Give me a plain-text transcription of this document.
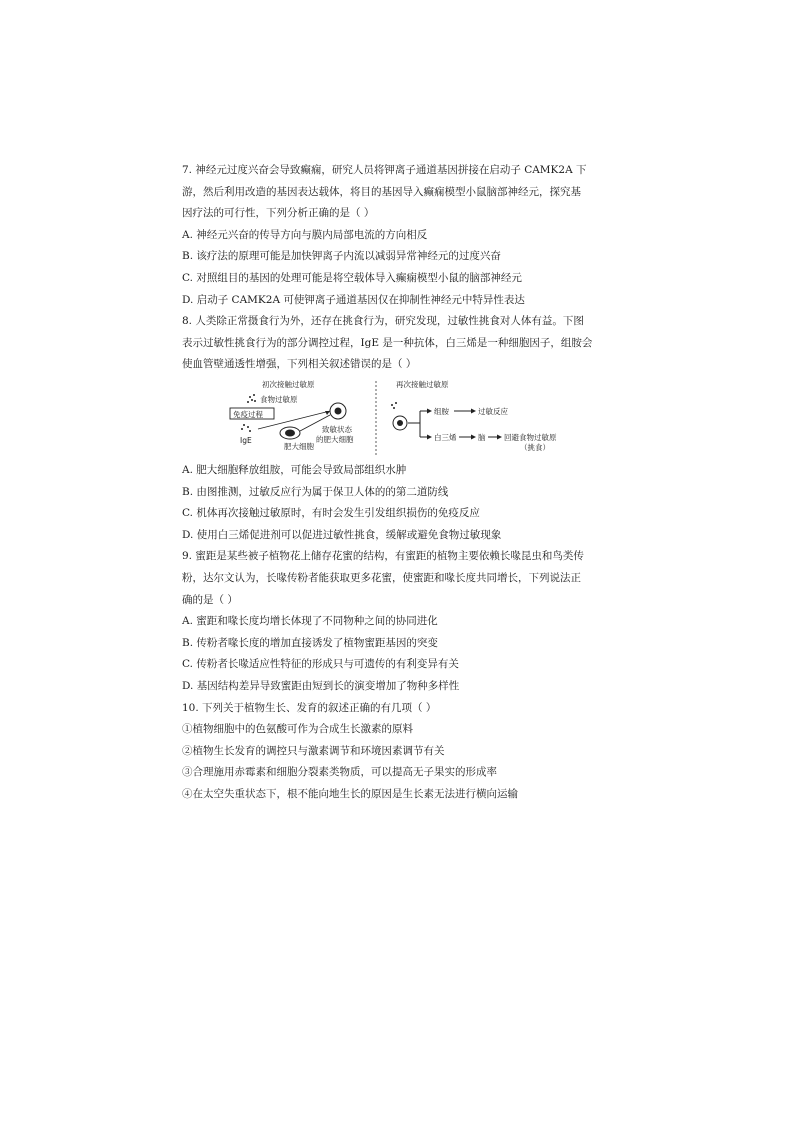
7. 神经元过度兴奋会导致癫痫，研究人员将钾离子通道基因拼接在启动子 CAMK2A 下
游，然后利用改造的基因表达载体，将目的基因导入癫痫模型小鼠脑部神经元，探究基
因疗法的可行性，下列分析正确的是（ ）
A. 神经元兴奋的传导方向与膜内局部电流的方向相反
B. 该疗法的原理可能是加快钾离子内流以减弱异常神经元的过度兴奋
C. 对照组目的基因的处理可能是将空载体导入癫痫模型小鼠的脑部神经元
D. 启动子 CAMK2A 可使钾离子通道基因仅在抑制性神经元中特异性表达
8. 人类除正常摄食行为外，还存在挑食行为，研究发现，过敏性挑食对人体有益。下图
表示过敏性挑食行为的部分调控过程，IgE 是一种抗体，白三烯是一种细胞因子，组胺会
使血管壁通透性增强，下列相关叙述错误的是（ ）
初次接触过敏原	再次接触过敏原
食物过敏原
免疫过程
IgE
肥大细胞
致敏状态
的肥大细胞
组胺	过敏反应
白三烯	脑 回避食物过敏原
（挑食）
A. 肥大细胞释放组胺，可能会导致局部组织水肿
B. 由图推测，过敏反应行为属于保卫人体的的第二道防线
C. 机体再次接触过敏原时，有时会发生引发组织损伤的免疫反应
D. 使用白三烯促进剂可以促进过敏性挑食，缓解或避免食物过敏现象
9. 蜜距是某些被子植物花上储存花蜜的结构，有蜜距的植物主要依赖长喙昆虫和鸟类传
粉，达尔文认为，长喙传粉者能获取更多花蜜，使蜜距和喙长度共同增长，下列说法正
确的是（ ）
A. 蜜距和喙长度均增长体现了不同物种之间的协同进化
B. 传粉者喙长度的增加直接诱发了植物蜜距基因的突变
C. 传粉者长喙适应性特征的形成只与可遗传的有利变异有关
D. 基因结构差异导致蜜距由短到长的演变增加了物种多样性
10. 下列关于植物生长、发育的叙述正确的有几项（ ）
①植物细胞中的色氨酸可作为合成生长激素的原料
②植物生长发育的调控只与激素调节和环境因素调节有关
③合理施用赤霉素和细胞分裂素类物质，可以提高无子果实的形成率
④在太空失重状态下，根不能向地生长的原因是生长素无法进行横向运输
